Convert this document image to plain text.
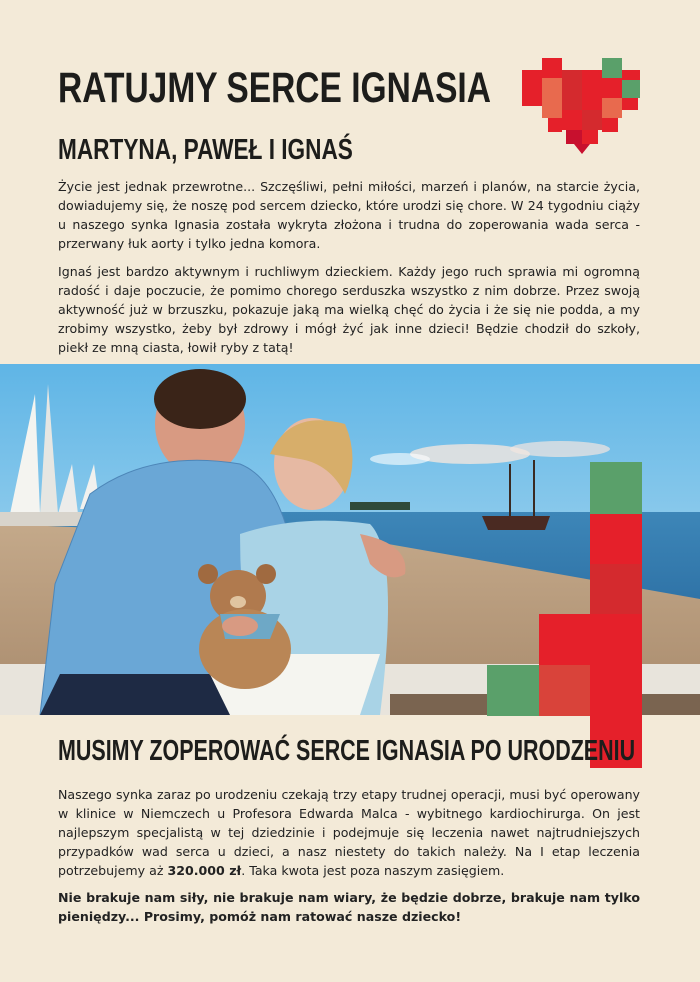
RATUJMY SERCE IGNASIA
MARTYNA, PAWEŁ I IGNAŚ

Życie jest jednak przewrotne... Szczęśliwi, pełni miłości, marzeń i planów, na starcie życia, dowiadujemy się, że noszę pod sercem dziecko, które urodzi się chore. W 24 tygodniu ciąży u naszego synka Ignasia została wykryta złożona i trudna do zoperowania wada serca - przerwany łuk aorty i tylko jedna komora.

Ignaś jest bardzo aktywnym i ruchliwym dzieckiem. Każdy jego ruch sprawia mi ogromną radość i daje poczucie, że pomimo chorego serduszka wszystko z nim dobrze. Przez swoją aktywność już w brzuszku, pokazuje jaką ma wielką chęć do życia i że się nie podda, a my zrobimy wszystko, żeby był zdrowy i mógł żyć jak inne dzieci! Będzie chodził do szkoły, piekł ze mną ciasta, łowił ryby z tatą!

MUSIMY ZOPEROWAĆ SERCE IGNASIA PO URODZENIU

Naszego synka zaraz po urodzeniu czekają trzy etapy trudnej operacji, musi być operowany w klinice w Niemczech u Profesora Edwarda Malca - wybitnego kardiochirurga. On jest najlepszym specjalistą w tej dziedzinie i podejmuje się leczenia nawet najtrudniejszych przypadków wad serca u dzieci, a nasz niestety do takich należy. Na I etap leczenia potrzebujemy aż 320.000 zł. Taka kwota jest poza naszym zasięgiem.

Nie brakuje nam siły, nie brakuje nam wiary, że będzie dobrze, brakuje nam tylko pieniędzy... Prosimy, pomóż nam ratować nasze dziecko!
